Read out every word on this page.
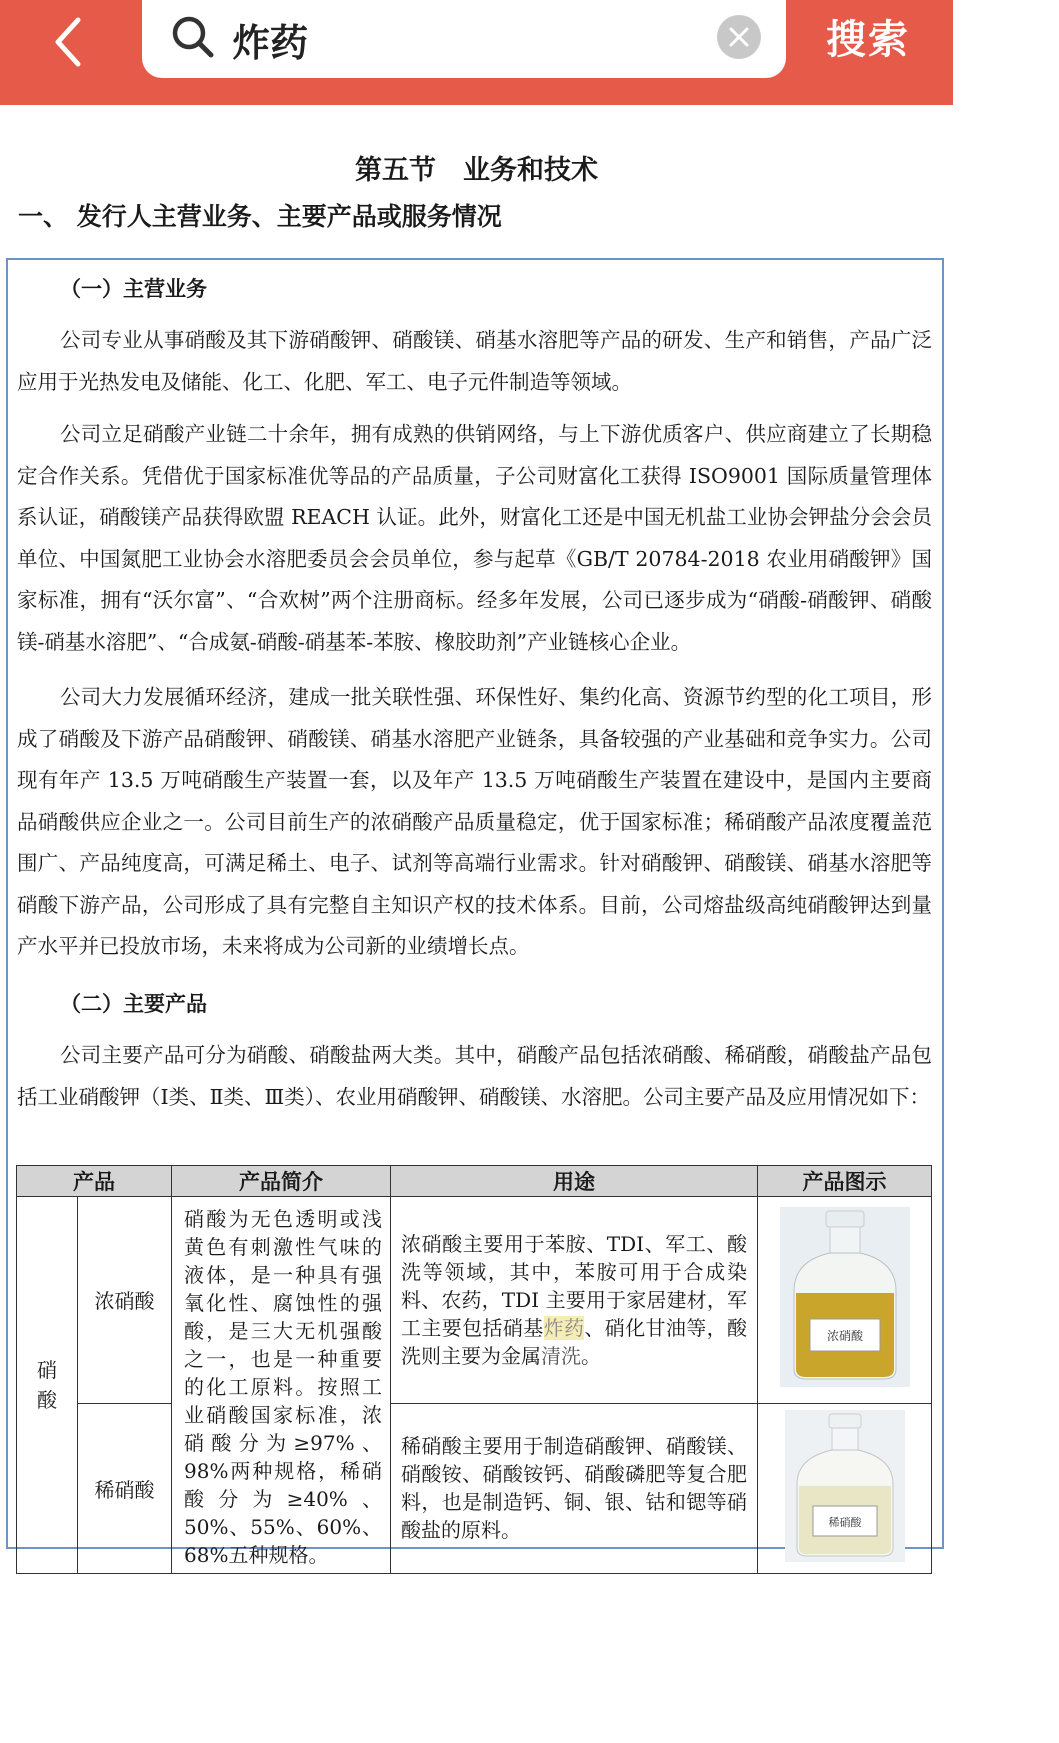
炸药
搜索
第五节　业务和技术
一、 发行人主营业务、主要产品或服务情况
（一）主营业务

公司专业从事硝酸及其下游硝酸钾、硝酸镁、硝基水溶肥等产品的研发、生产和销售，产品广泛应用于光热发电及储能、化工、化肥、军工、电子元件制造等领域。

公司立足硝酸产业链二十余年，拥有成熟的供销网络，与上下游优质客户、供应商建立了长期稳定合作关系。凭借优于国家标准优等品的产品质量，子公司财富化工获得 ISO9001 国际质量管理体系认证，硝酸镁产品获得欧盟 REACH 认证。此外，财富化工还是中国无机盐工业协会钾盐分会会员单位、中国氮肥工业协会水溶肥委员会会员单位，参与起草《GB/T 20784-2018 农业用硝酸钾》国家标准，拥有“沃尔富”、“合欢树”两个注册商标。经多年发展，公司已逐步成为“硝酸-硝酸钾、硝酸镁-硝基水溶肥”、“合成氨-硝酸-硝基苯-苯胺、橡胶助剂”产业链核心企业。

公司大力发展循环经济，建成一批关联性强、环保性好、集约化高、资源节约型的化工项目，形成了硝酸及下游产品硝酸钾、硝酸镁、硝基水溶肥产业链条，具备较强的产业基础和竞争实力。公司现有年产 13.5 万吨硝酸生产装置一套，以及年产 13.5 万吨硝酸生产装置在建设中，是国内主要商品硝酸供应企业之一。公司目前生产的浓硝酸产品质量稳定，优于国家标准；稀硝酸产品浓度覆盖范围广、产品纯度高，可满足稀土、电子、试剂等高端行业需求。针对硝酸钾、硝酸镁、硝基水溶肥等硝酸下游产品，公司形成了具有完整自主知识产权的技术体系。目前，公司熔盐级高纯硝酸钾达到量产水平并已投放市场，未来将成为公司新的业绩增长点。

（二）主要产品

公司主要产品可分为硝酸、硝酸盐两大类。其中，硝酸产品包括浓硝酸、稀硝酸，硝酸盐产品包括工业硝酸钾（Ⅰ类、Ⅱ类、Ⅲ类）、农业用硝酸钾、硝酸镁、水溶肥。公司主要产品及应用情况如下：

产品		产品简介	用途	产品图示
硝
酸	浓硝酸	硝酸为无色透明或浅黄色有刺激性气味的液体，是一种具有强氧化性、腐蚀性的强酸，是三大无机强酸之一，也是一种重要的化工原料。按照工业硝酸国家标准，浓硝酸分为≥97%、98%两种规格，稀硝酸分为≥40%、50%、55%、60%、68%五种规格。	浓硝酸主要用于苯胺、TDI、军工、酸洗等领域，其中，苯胺可用于合成染料、农药，TDI 主要用于家居建材，军工主要包括硝基炸药、硝化甘油等，酸洗则主要为金属清洗。	浓硝酸

	稀硝酸		稀硝酸主要用于制造硝酸钾、硝酸镁、硝酸铵、硝酸铵钙、硝酸磷肥等复合肥料，也是制造钙、铜、银、钴和锶等硝酸盐的原料。	稀硝酸
